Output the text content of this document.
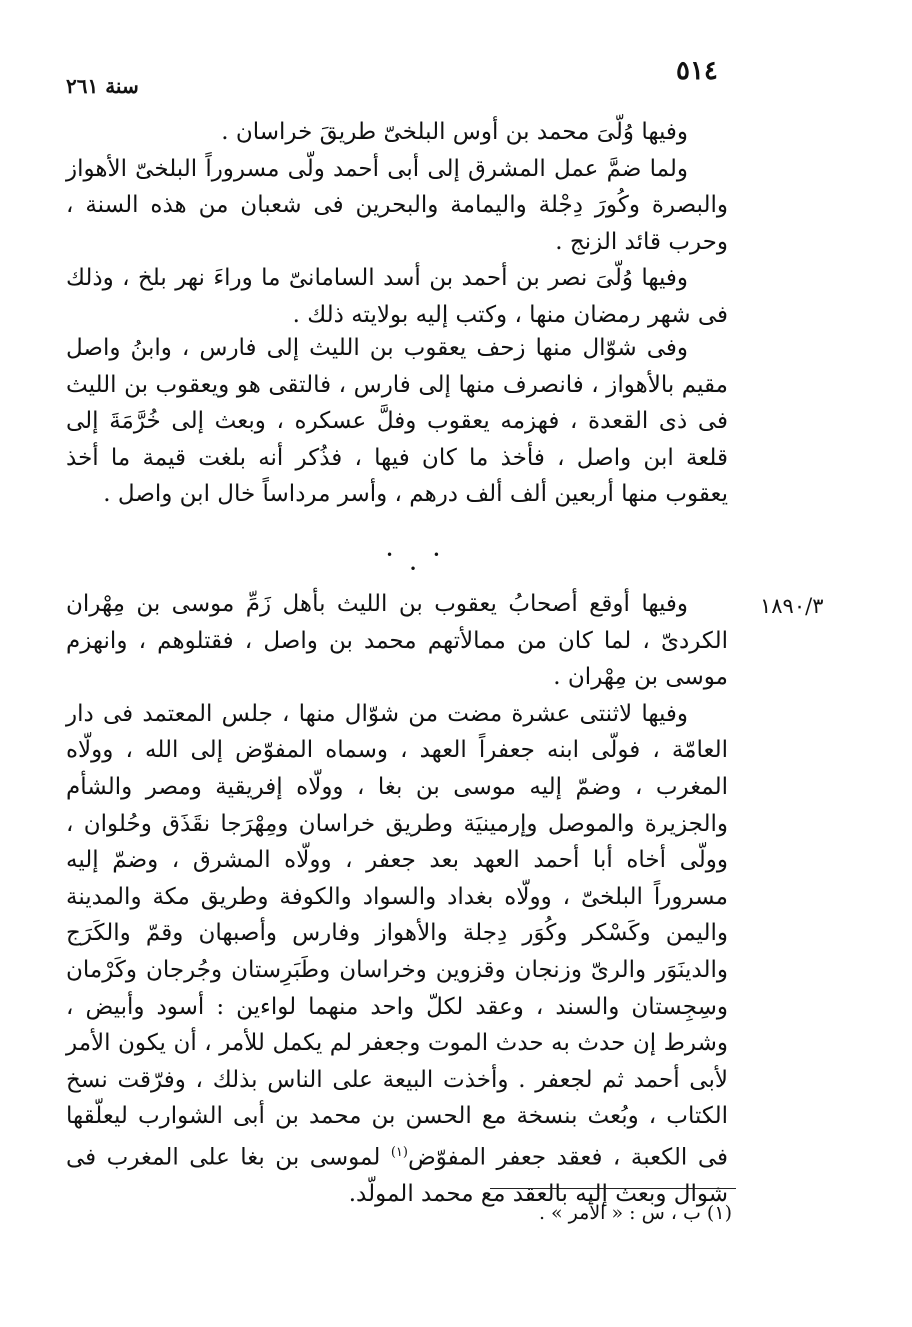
٥١٤
سنة ٢٦١

وفيها وُلّىَ محمد بن أوس البلخىّ طريقَ خراسان .

ولما ضمَّ عمل المشرق إلى أبى أحمد ولّى مسروراً البلخىّ الأهواز والبصرة وكُورَ دِجْلة واليمامة والبحرين فى شعبان من هذه السنة ، وحرب قائد الزنج .

وفيها وُلّىَ نصر بن أحمد بن أسد السامانىّ ما وراءَ نهر بلخ ، وذلك فى شهر رمضان منها ، وكتب إليه بولايته ذلك .

وفى شوّال منها زحف يعقوب بن الليث إلى فارس ، وابنُ واصل مقيم بالأهواز ، فانصرف منها إلى فارس ، فالتقى هو ويعقوب بن الليث فى ذى القعدة ، فهزمه يعقوب وفلَّ عسكره ، وبعث إلى خُرَّمَةَ إلى قلعة ابن واصل ، فأخذ ما كان فيها ، فذُكر أنه بلغت قيمة ما أخذ يعقوب منها أربعين ألف ألف درهم ، وأسر مرداساً خال ابن واصل .

• • •
١٨٩٠/٣

وفيها أوقع أصحابُ يعقوب بن الليث بأهل زَمِّ موسى بن مِهْران الكردىّ ، لما كان من ممالأتهم محمد بن واصل ، فقتلوهم ، وانهزم موسى بن مِهْران .

وفيها لاثنتى عشرة مضت من شوّال منها ، جلس المعتمد فى دار العامّة ، فولّى ابنه جعفراً العهد ، وسماه المفوّض إلى الله ، وولّاه المغرب ، وضمّ إليه موسى بن بغا ، وولّاه إفريقية ومصر والشأم والجزيرة والموصل وإرمينيَة وطريق خراسان ومِهْرَجا نقَذَق وحُلوان ، وولّى أخاه أبا أحمد العهد بعد جعفر ، وولّاه المشرق ، وضمّ إليه مسروراً البلخىّ ، وولّاه بغداد والسواد والكوفة وطريق مكة والمدينة واليمن وكَسْكر وكُوَر دِجلة والأهواز وفارس وأصبهان وقمّ والكَرَج والدينَوَر والرىّ وزنجان وقزوين وخراسان وطَبَرِستان وجُرجان وكَرْمان وسِجِستان والسند ، وعقد لكلّ واحد منهما لواءين : أسود وأبيض ، وشرط إن حدث به حدث الموت وجعفر لم يكمل للأمر ، أن يكون الأمر لأبى أحمد ثم لجعفر . وأخذت البيعة على الناس بذلك ، وفرّقت نسخ الكتاب ، وبُعث بنسخة مع الحسن بن محمد بن أبى الشوارب ليعلّقها فى الكعبة ، فعقد جعفر المفوّض$^{(١)}$ لموسى بن بغا على المغرب فى شوال وبعث إليه بالعقد مع محمد المولّد.

(١) ب ، س : « الأمر » .
